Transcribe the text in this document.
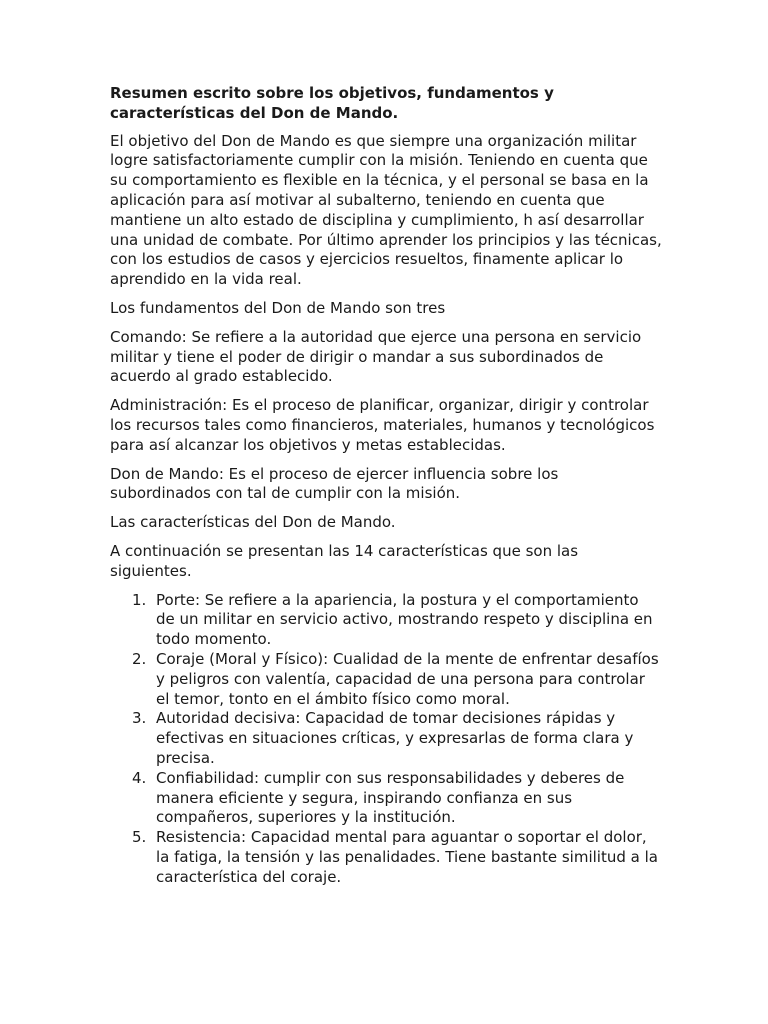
Resumen escrito sobre los objetivos, fundamentos y características del Don de Mando.

El objetivo del Don de Mando es que siempre una organización militar logre satisfactoriamente cumplir con la misión. Teniendo en cuenta que su comportamiento es flexible en la técnica, y el personal se basa en la aplicación para así motivar al subalterno, teniendo en cuenta que mantiene un alto estado de disciplina y cumplimiento, h así desarrollar una unidad de combate. Por último aprender los principios y las técnicas, con los estudios de casos y ejercicios resueltos, finamente aplicar lo aprendido en la vida real.

Los fundamentos del Don de Mando son tres

Comando: Se refiere a la autoridad que ejerce una persona en servicio militar y tiene el poder de dirigir o mandar a sus subordinados de acuerdo al grado establecido.

Administración: Es el proceso de planificar, organizar, dirigir y controlar los recursos tales como financieros, materiales, humanos y tecnológicos para así alcanzar los objetivos y metas establecidas.

Don de Mando: Es el proceso de ejercer influencia sobre los subordinados con tal de cumplir con la misión.

Las características del Don de Mando.

A continuación se presentan las 14 características que son las siguientes.

1. Porte: Se refiere a la apariencia, la postura y el comportamiento de un militar en servicio activo, mostrando respeto y disciplina en todo momento.
2. Coraje (Moral y Físico): Cualidad de la mente de enfrentar desafíos y peligros con valentía, capacidad de una persona para controlar el temor, tonto en el ámbito físico como moral.
3. Autoridad decisiva: Capacidad de tomar decisiones rápidas y efectivas en situaciones críticas, y expresarlas de forma clara y precisa.
4. Confiabilidad: cumplir con sus responsabilidades y deberes de manera eficiente y segura, inspirando confianza en sus compañeros, superiores y la institución.
5. Resistencia: Capacidad mental para aguantar o soportar el dolor, la fatiga, la tensión y las penalidades. Tiene bastante similitud a la característica del coraje.
